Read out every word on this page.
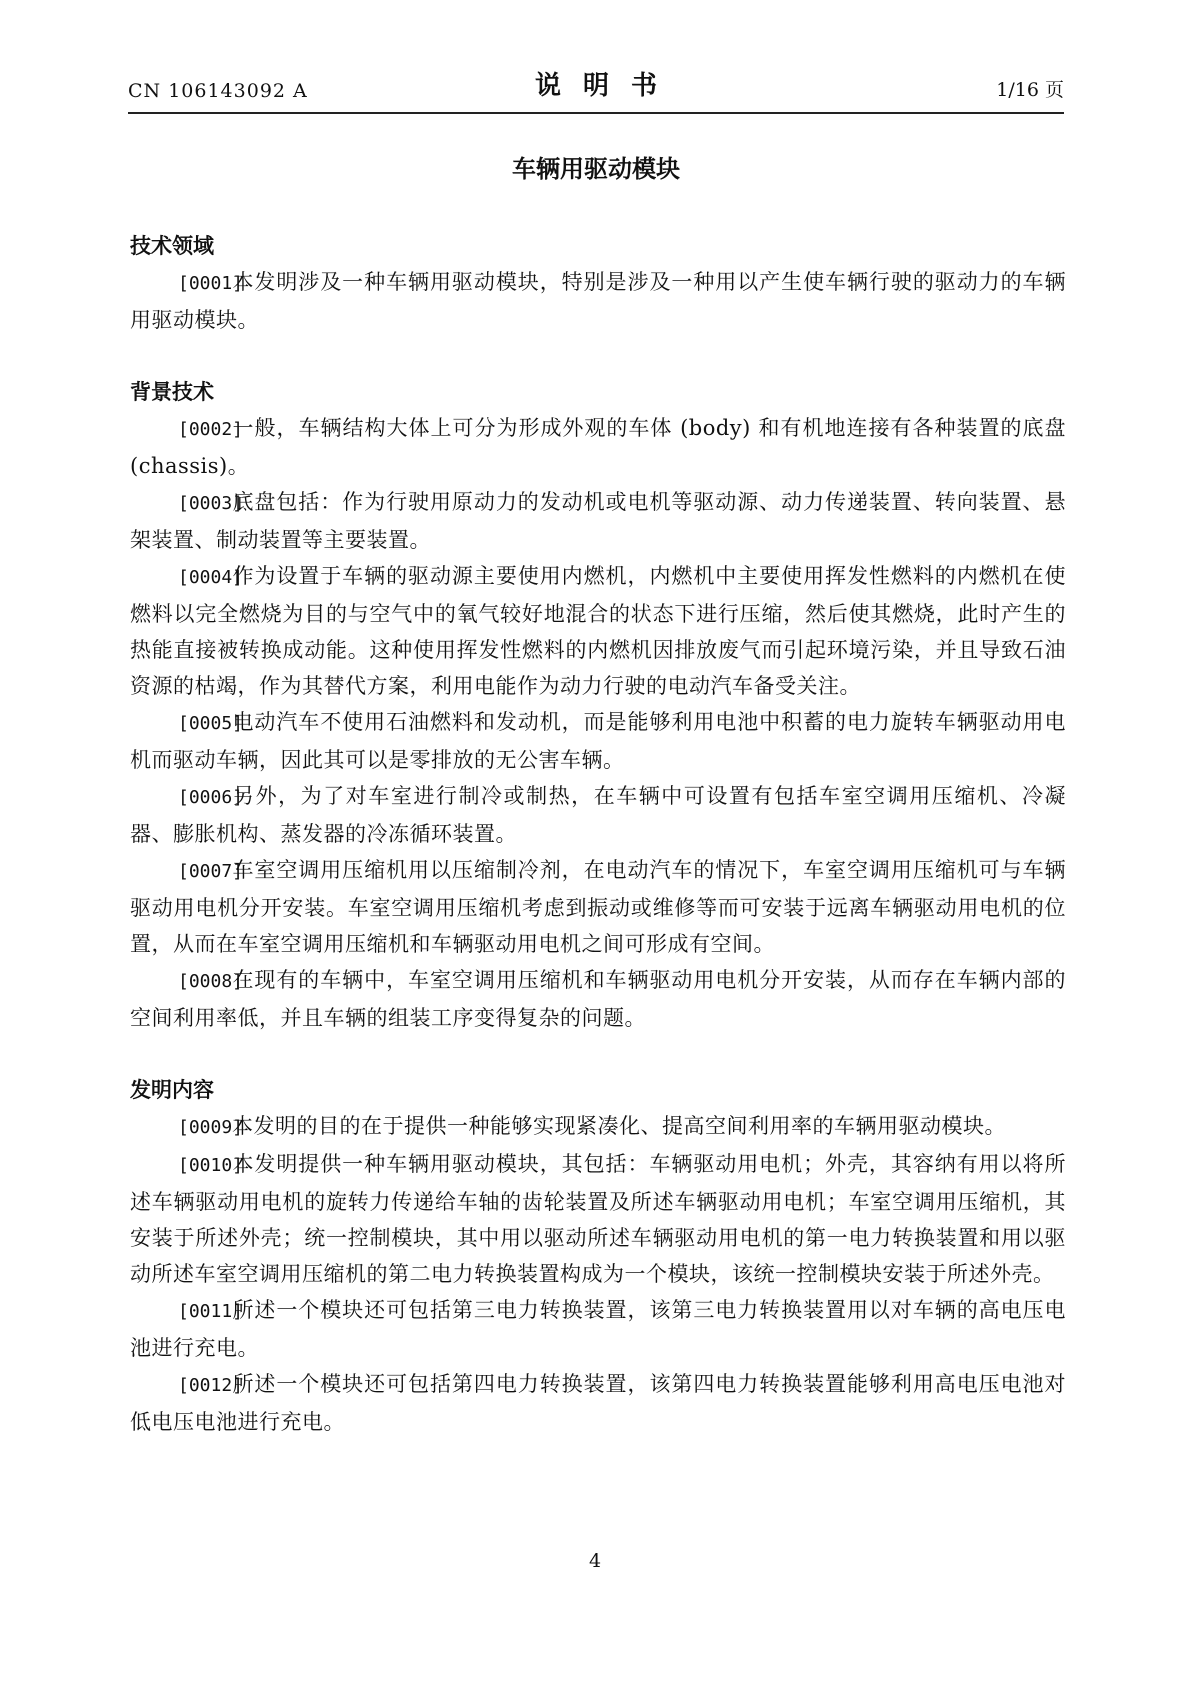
CN 106143092 A	说明书	1/16 页
车辆用驱动模块
技术领域
[0001]本发明涉及一种车辆用驱动模块，特别是涉及一种用以产生使车辆行驶的驱动力的车辆用驱动模块。
背景技术
[0002]一般，车辆结构大体上可分为形成外观的车体 (body) 和有机地连接有各种装置的底盘 (chassis)。
[0003]底盘包括：作为行驶用原动力的发动机或电机等驱动源、动力传递装置、转向装置、悬架装置、制动装置等主要装置。
[0004]作为设置于车辆的驱动源主要使用内燃机，内燃机中主要使用挥发性燃料的内燃机在使燃料以完全燃烧为目的与空气中的氧气较好地混合的状态下进行压缩，然后使其燃烧，此时产生的热能直接被转换成动能。这种使用挥发性燃料的内燃机因排放废气而引起环境污染，并且导致石油资源的枯竭，作为其替代方案，利用电能作为动力行驶的电动汽车备受关注。
[0005]电动汽车不使用石油燃料和发动机，而是能够利用电池中积蓄的电力旋转车辆驱动用电机而驱动车辆，因此其可以是零排放的无公害车辆。
[0006]另外，为了对车室进行制冷或制热，在车辆中可设置有包括车室空调用压缩机、冷凝器、膨胀机构、蒸发器的冷冻循环装置。
[0007]车室空调用压缩机用以压缩制冷剂，在电动汽车的情况下，车室空调用压缩机可与车辆驱动用电机分开安装。车室空调用压缩机考虑到振动或维修等而可安装于远离车辆驱动用电机的位置，从而在车室空调用压缩机和车辆驱动用电机之间可形成有空间。
[0008]在现有的车辆中，车室空调用压缩机和车辆驱动用电机分开安装，从而存在车辆内部的空间利用率低，并且车辆的组装工序变得复杂的问题。
发明内容
[0009]本发明的目的在于提供一种能够实现紧凑化、提高空间利用率的车辆用驱动模块。
[0010]本发明提供一种车辆用驱动模块，其包括：车辆驱动用电机；外壳，其容纳有用以将所述车辆驱动用电机的旋转力传递给车轴的齿轮装置及所述车辆驱动用电机；车室空调用压缩机，其安装于所述外壳；统一控制模块，其中用以驱动所述车辆驱动用电机的第一电力转换装置和用以驱动所述车室空调用压缩机的第二电力转换装置构成为一个模块，该统一控制模块安装于所述外壳。
[0011]所述一个模块还可包括第三电力转换装置，该第三电力转换装置用以对车辆的高电压电池进行充电。
[0012]所述一个模块还可包括第四电力转换装置，该第四电力转换装置能够利用高电压电池对低电压电池进行充电。
4
